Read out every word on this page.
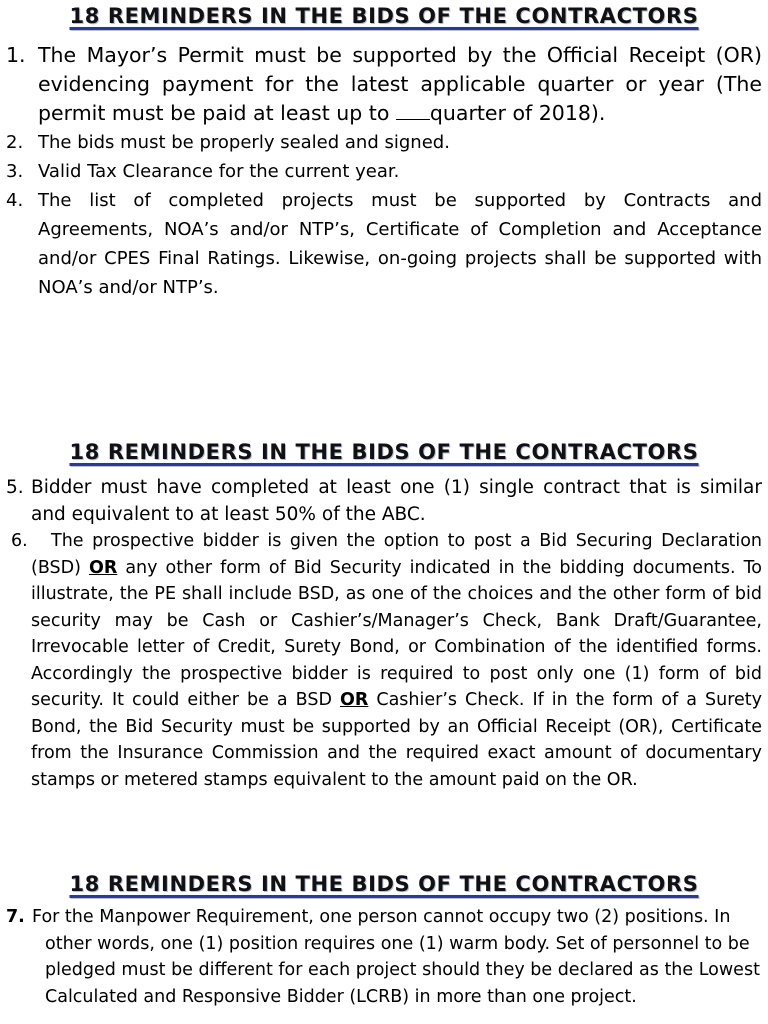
18 REMINDERS IN THE BIDS OF THE CONTRACTORS
1. The Mayor’s Permit must be supported by the Official Receipt (OR) evidencing payment for the latest applicable quarter or year (The permit must be paid at least up to quarter of 2018).
2. The bids must be properly sealed and signed.
3. Valid Tax Clearance for the current year.
4. The list of completed projects must be supported by Contracts and Agreements, NOA’s and/or NTP’s, Certificate of Completion and Acceptance and/or CPES Final Ratings. Likewise, on-going projects shall be supported with NOA’s and/or NTP’s.
18 REMINDERS IN THE BIDS OF THE CONTRACTORS
5. Bidder must have completed at least one (1) single contract that is similar and equivalent to at least 50% of the ABC.
6. The prospective bidder is given the option to post a Bid Securing Declaration (BSD) OR any other form of Bid Security indicated in the bidding documents. To illustrate, the PE shall include BSD, as one of the choices and the other form of bid security may be Cash or Cashier’s/Manager’s Check, Bank Draft/Guarantee, Irrevocable letter of Credit, Surety Bond, or Combination of the identified forms. Accordingly the prospective bidder is required to post only one (1) form of bid security. It could either be a BSD OR Cashier’s Check. If in the form of a Surety Bond, the Bid Security must be supported by an Official Receipt (OR), Certificate from the Insurance Commission and the required exact amount of documentary stamps or metered stamps equivalent to the amount paid on the OR.
18 REMINDERS IN THE BIDS OF THE CONTRACTORS
7. For the Manpower Requirement, one person cannot occupy two (2) positions. In other words, one (1) position requires one (1) warm body. Set of personnel to be pledged must be different for each project should they be declared as the Lowest Calculated and Responsive Bidder (LCRB) in more than one project.
